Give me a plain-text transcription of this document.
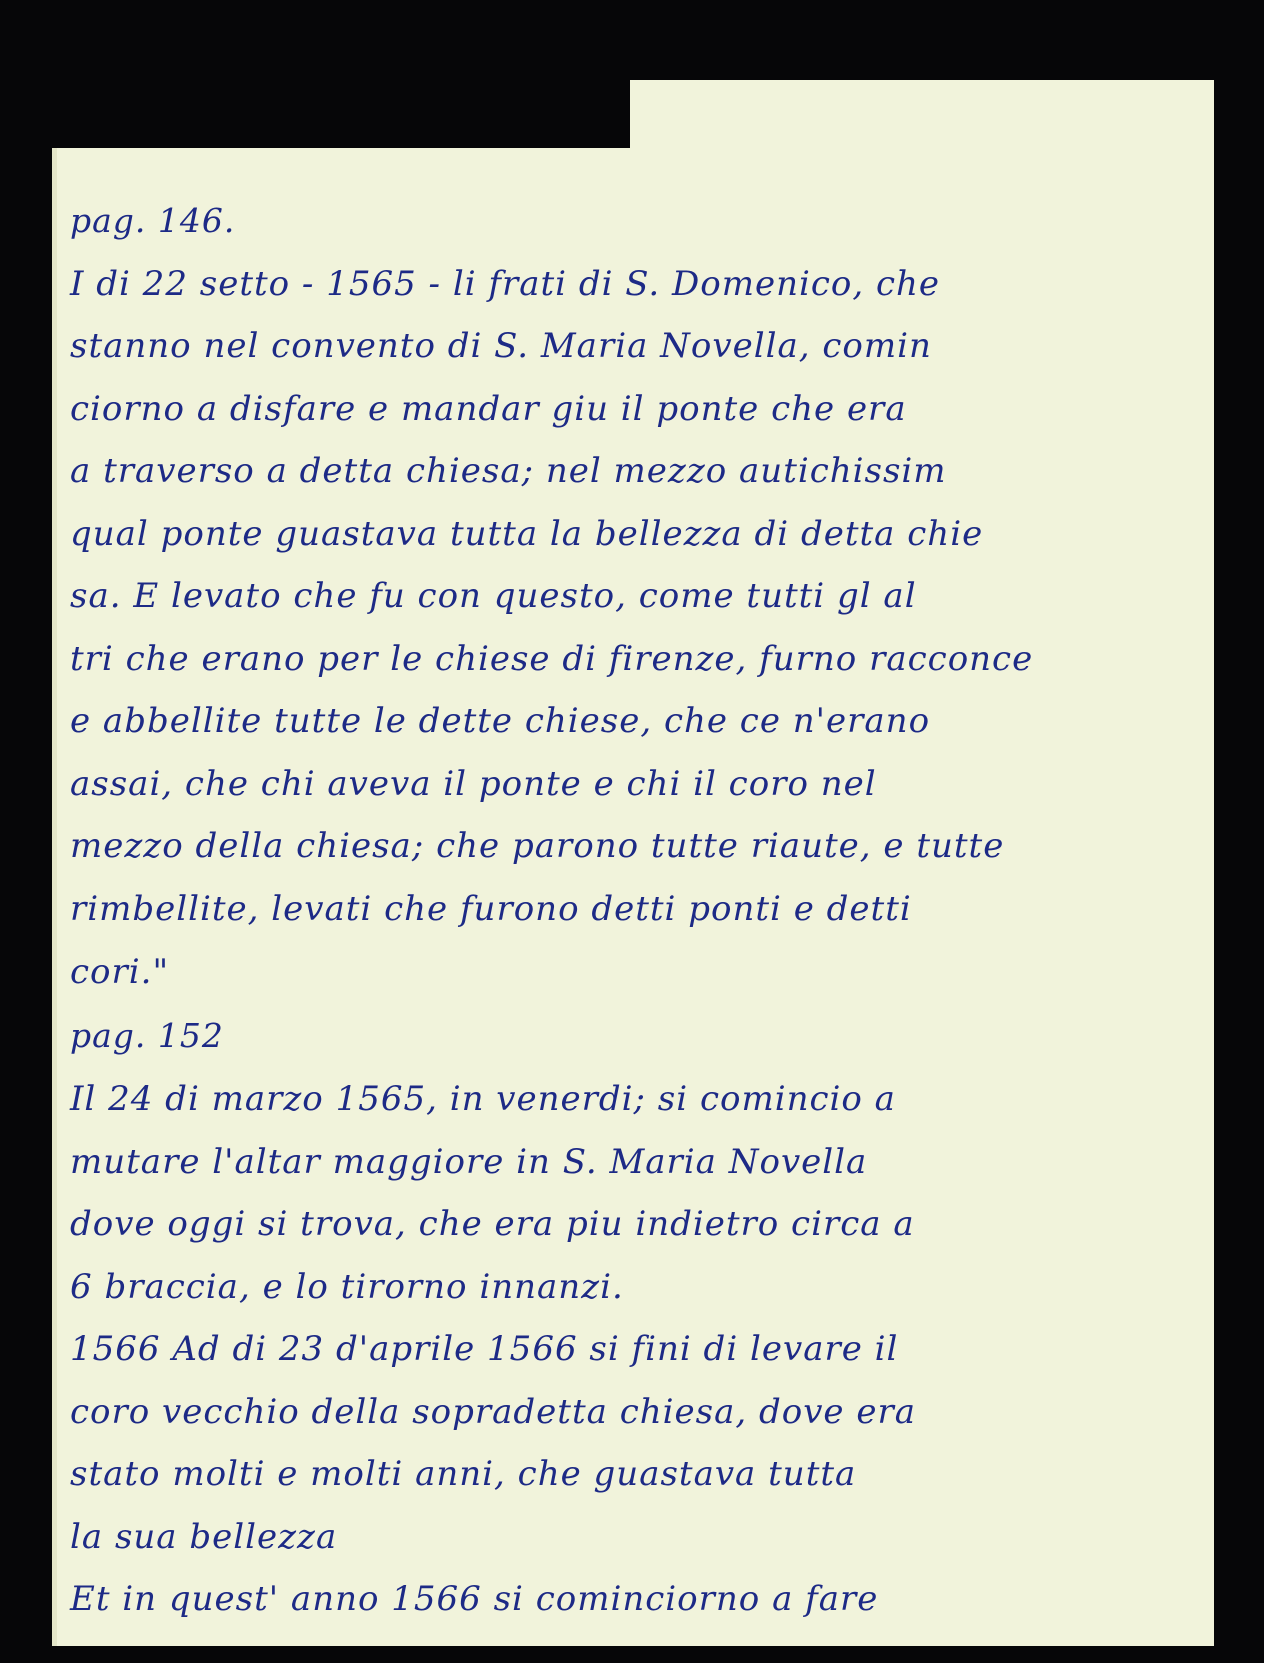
pag. 146.
I di 22 setto - 1565 - li frati di S. Domenico, che
stanno nel convento di S. Maria Novella, comin
ciorno a disfare e mandar giu il ponte che era
a traverso a detta chiesa; nel mezzo autichissim
qual ponte guastava tutta la bellezza di detta chie
sa. E levato che fu con questo, come tutti gl al
tri che erano per le chiese di firenze, furno racconce
e abbellite tutte le dette chiese, che ce n'erano
assai, che chi aveva il ponte e chi il coro nel
mezzo della chiesa; che parono tutte riaute, e tutte
rimbellite, levati che furono detti ponti e detti
cori."
pag. 152
Il 24 di marzo 1565, in venerdi; si comincio a
mutare l'altar maggiore in S. Maria Novella
dove oggi si trova, che era piu indietro circa a
6 braccia, e lo tirorno innanzi.
1566 Ad di 23 d'aprile 1566 si fini di levare il
coro vecchio della sopradetta chiesa, dove era
stato molti e molti anni, che guastava tutta
la sua bellezza
Et in quest' anno 1566 si cominciorno a fare
